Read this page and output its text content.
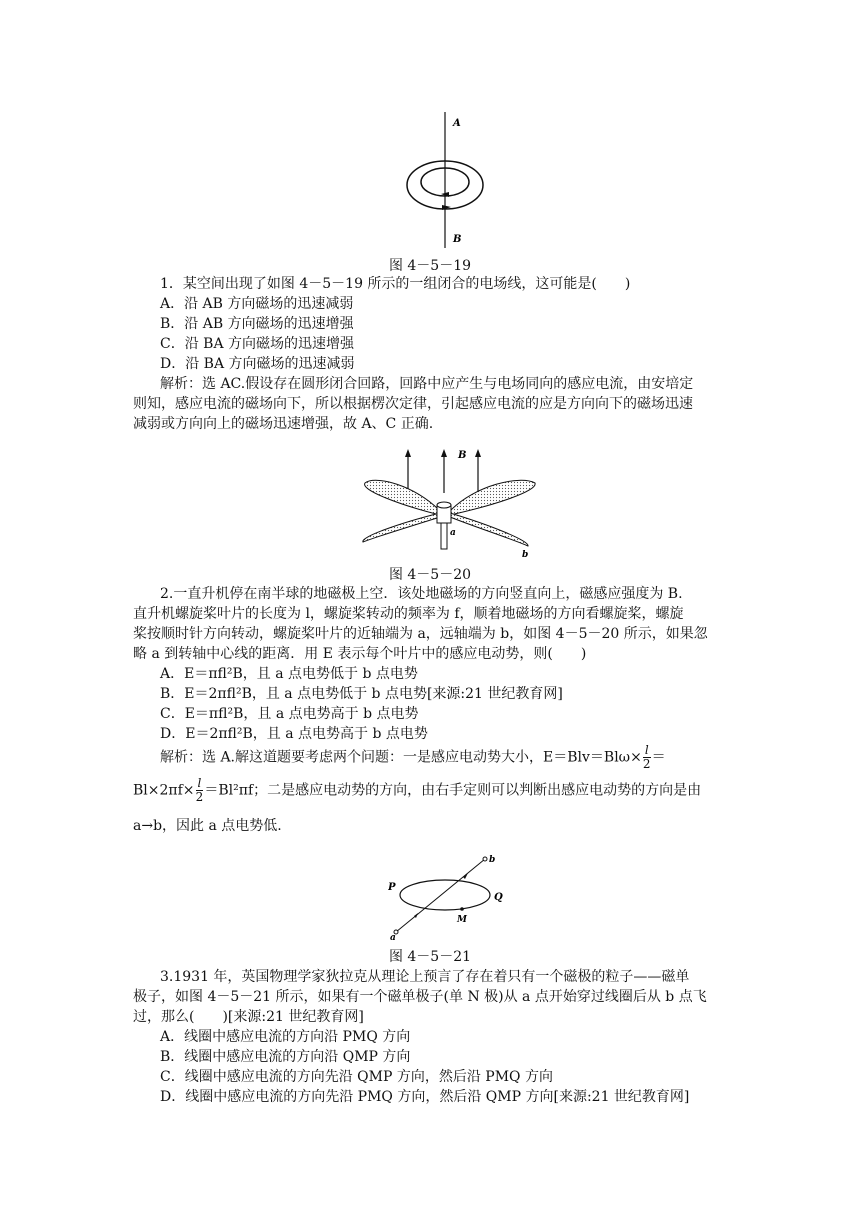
A
B
图 4－5－19
1．某空间出现了如图 4－5－19 所示的一组闭合的电场线，这可能是(　　)
A．沿 AB 方向磁场的迅速减弱
B．沿 AB 方向磁场的迅速增强
C．沿 BA 方向磁场的迅速增强
D．沿 BA 方向磁场的迅速减弱
解析：选 AC.假设存在圆形闭合回路，回路中应产生与电场同向的感应电流，由安培定
则知，感应电流的磁场向下，所以根据楞次定律，引起感应电流的应是方向向下的磁场迅速
减弱或方向向上的磁场迅速增强，故 A、C 正确.
B
a
b
图 4－5－20
2.一直升机停在南半球的地磁极上空．该处地磁场的方向竖直向上，磁感应强度为 B.
直升机螺旋桨叶片的长度为 l，螺旋桨转动的频率为 f，顺着地磁场的方向看螺旋桨，螺旋
桨按顺时针方向转动，螺旋桨叶片的近轴端为 a，远轴端为 b，如图 4－5－20 所示，如果忽
略 a 到转轴中心线的距离．用 E 表示每个叶片中的感应电动势，则(　　)
A．E＝πfl²B，且 a 点电势低于 b 点电势
B．E＝2πfl²B，且 a 点电势低于 b 点电势[来源:21 世纪教育网]
C．E＝πfl²B，且 a 点电势高于 b 点电势
D．E＝2πfl²B，且 a 点电势高于 b 点电势
解析：选 A.解这道题要考虑两个问题：一是感应电动势大小，$E=Blv=Bl\omega\times \frac{l}{2}$ ＝
$Bl\times 2\pi f\times \frac{l}{2} =Bl^2\pi f$；二是感应电动势的方向，由右手定则可以判断出感应电动势的方向是由
a→b，因此 a 点电势低.
P
Q
M
a
b
图 4－5－21
3.1931 年，英国物理学家狄拉克从理论上预言了存在着只有一个磁极的粒子——磁单
极子，如图 4－5－21 所示，如果有一个磁单极子(单 N 极)从 a 点开始穿过线圈后从 b 点飞
过，那么(　　)[来源:21 世纪教育网]
A．线圈中感应电流的方向沿 PMQ 方向
B．线圈中感应电流的方向沿 QMP 方向
C．线圈中感应电流的方向先沿 QMP 方向，然后沿 PMQ 方向
D．线圈中感应电流的方向先沿 PMQ 方向，然后沿 QMP 方向[来源:21 世纪教育网]
